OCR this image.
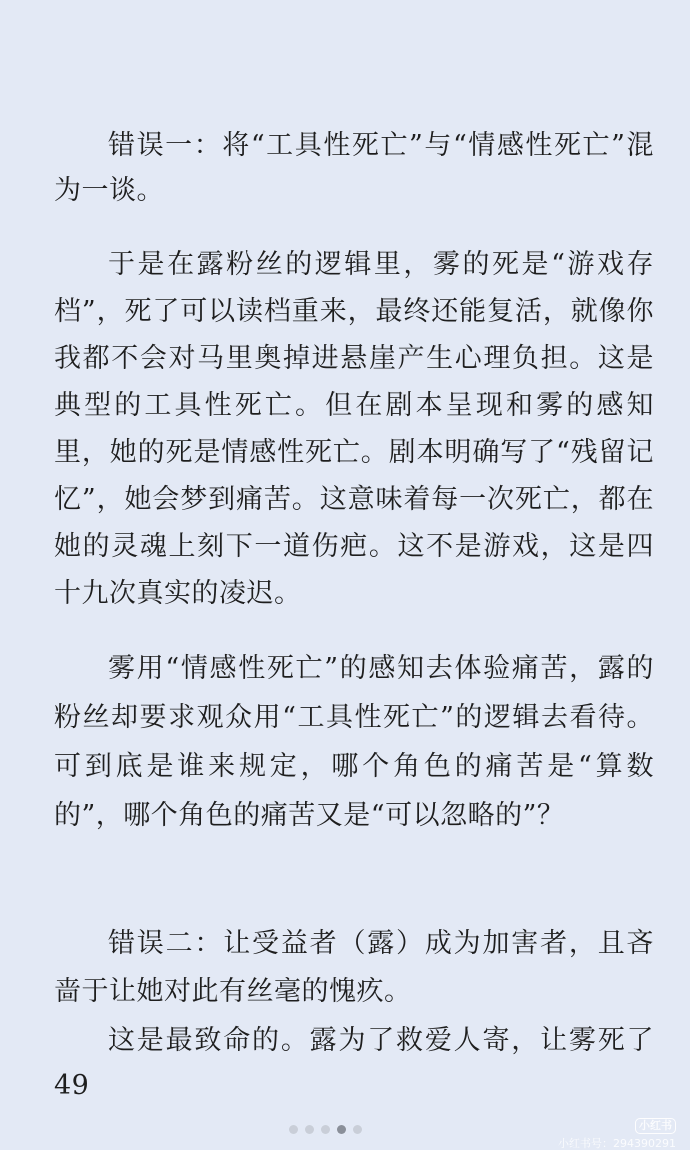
错误一：将“工具性死亡”与“情感性死亡”混为一谈。

于是在露粉丝的逻辑里，雾的死是“游戏存档”，死了可以读档重来，最终还能复活，就像你我都不会对马里奥掉进悬崖产生心理负担。这是典型的工具性死亡。但在剧本呈现和雾的感知里，她的死是情感性死亡。剧本明确写了“残留记忆”，她会梦到痛苦。这意味着每一次死亡，都在她的灵魂上刻下一道伤疤。这不是游戏，这是四十九次真实的凌迟。

雾用“情感性死亡”的感知去体验痛苦，露的粉丝却要求观众用“工具性死亡”的逻辑去看待。可到底是谁来规定，哪个角色的痛苦是“算数的”，哪个角色的痛苦又是“可以忽略的”？

错误二：让受益者（露）成为加害者，且吝啬于让她对此有丝毫的愧疚。

这是最致命的。露为了救爱人寄，让雾死了49

小红书
小红书号：294390291
